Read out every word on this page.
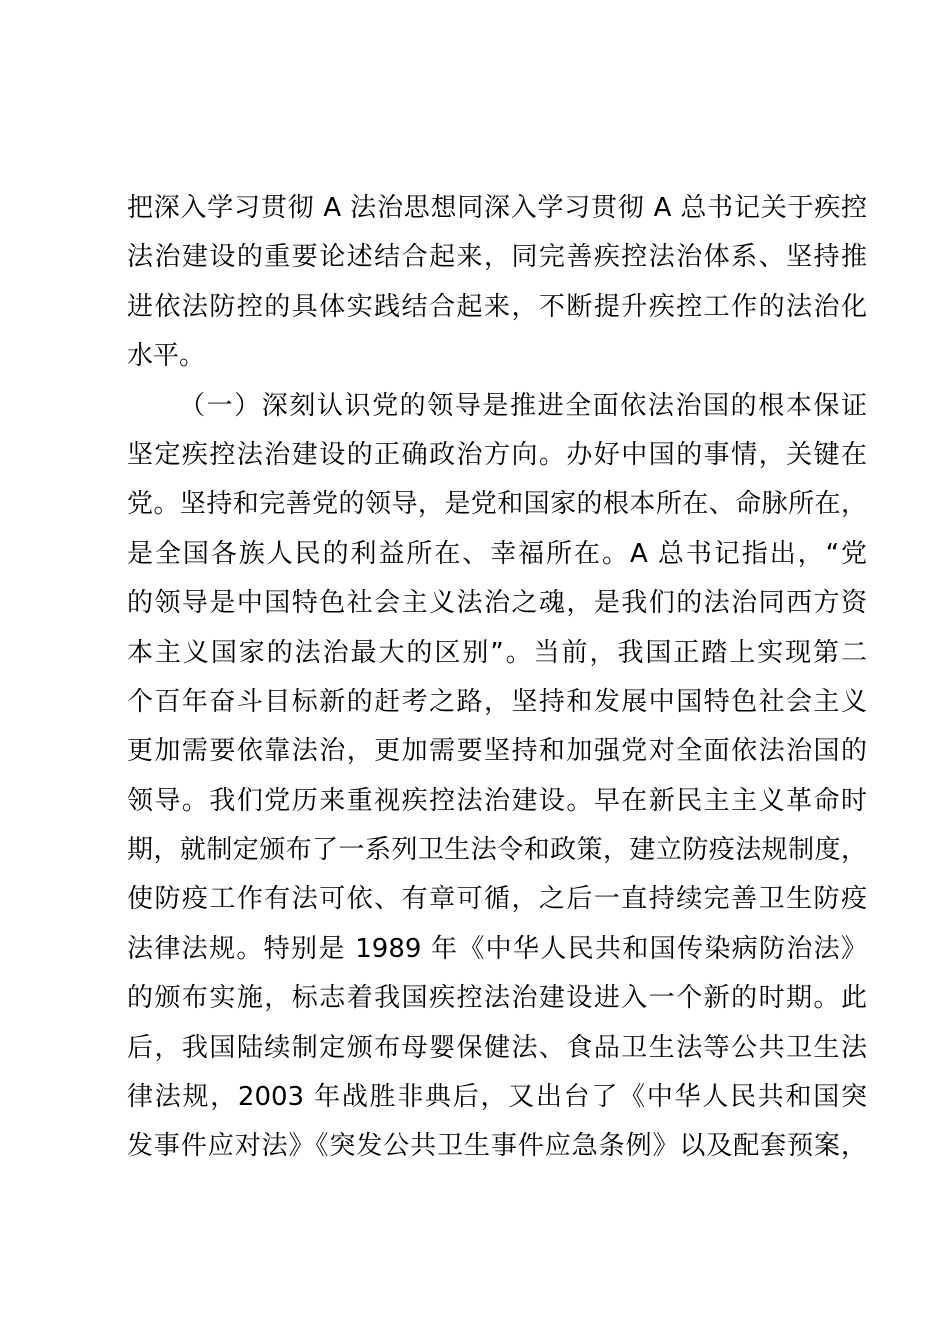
把深入学习贯彻 A 法治思想同深入学习贯彻 A 总书记关于疾控
法治建设的重要论述结合起来，同完善疾控法治体系、坚持推
进依法防控的具体实践结合起来，不断提升疾控工作的法治化
水平。
（一）深刻认识党的领导是推进全面依法治国的根本保证
坚定疾控法治建设的正确政治方向。办好中国的事情，关键在
党。坚持和完善党的领导，是党和国家的根本所在、命脉所在，
是全国各族人民的利益所在、幸福所在。A 总书记指出，“党
的领导是中国特色社会主义法治之魂，是我们的法治同西方资
本主义国家的法治最大的区别”。当前，我国正踏上实现第二
个百年奋斗目标新的赶考之路，坚持和发展中国特色社会主义
更加需要依靠法治，更加需要坚持和加强党对全面依法治国的
领导。我们党历来重视疾控法治建设。早在新民主主义革命时
期，就制定颁布了一系列卫生法令和政策，建立防疫法规制度，
使防疫工作有法可依、有章可循，之后一直持续完善卫生防疫
法律法规。特别是 1989 年《中华人民共和国传染病防治法》
的颁布实施，标志着我国疾控法治建设进入一个新的时期。此
后，我国陆续制定颁布母婴保健法、食品卫生法等公共卫生法
律法规，2003 年战胜非典后，又出台了《中华人民共和国突
发事件应对法》《突发公共卫生事件应急条例》以及配套预案，
